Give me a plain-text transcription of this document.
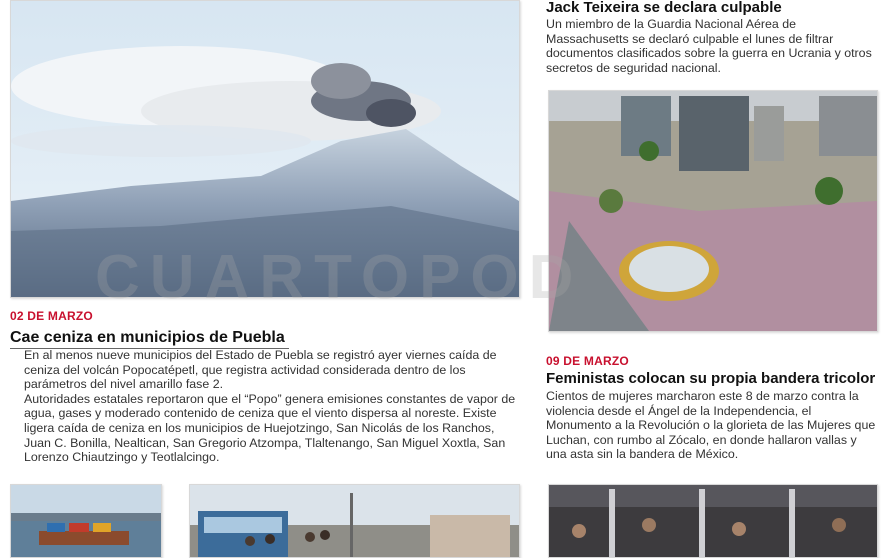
Jack Teixeira se declara culpable

Un miembro de la Guardia Nacional Aérea de Massachusetts se declaró culpable el lunes de filtrar documentos clasificados sobre la guerra en Ucrania y otros secretos de seguridad nacional.

02 DE MARZO
Cae ceniza en municipios de Puebla

En al menos nueve municipios del Estado de Puebla se registró ayer viernes caída de ceniza del volcán Popocatépetl, que registra actividad considerada dentro de los parámetros del nivel amarillo fase 2.

Autoridades estatales reportaron que el “Popo” genera emisiones constantes de vapor de agua, gases y moderado contenido de ceniza que el viento dispersa al noreste. Existe ligera caída de ceniza en los municipios de Huejotzingo, San Nicolás de los Ranchos, Juan C. Bonilla, Nealtican, San Gregorio Atzompa, Tlaltenango, San Miguel Xoxtla, San Lorenzo Chiautzingo y Teotlalcingo.

09 DE MARZO
Feministas colocan su propia bandera tricolor

Cientos de mujeres marcharon este 8 de marzo contra la violencia desde el Ángel de la Independencia, el Monumento a la Revolución o la glorieta de las Mujeres que Luchan, con rumbo al Zócalo, en donde hallaron vallas y una asta sin la bandera de México.

CUARTOPOD
